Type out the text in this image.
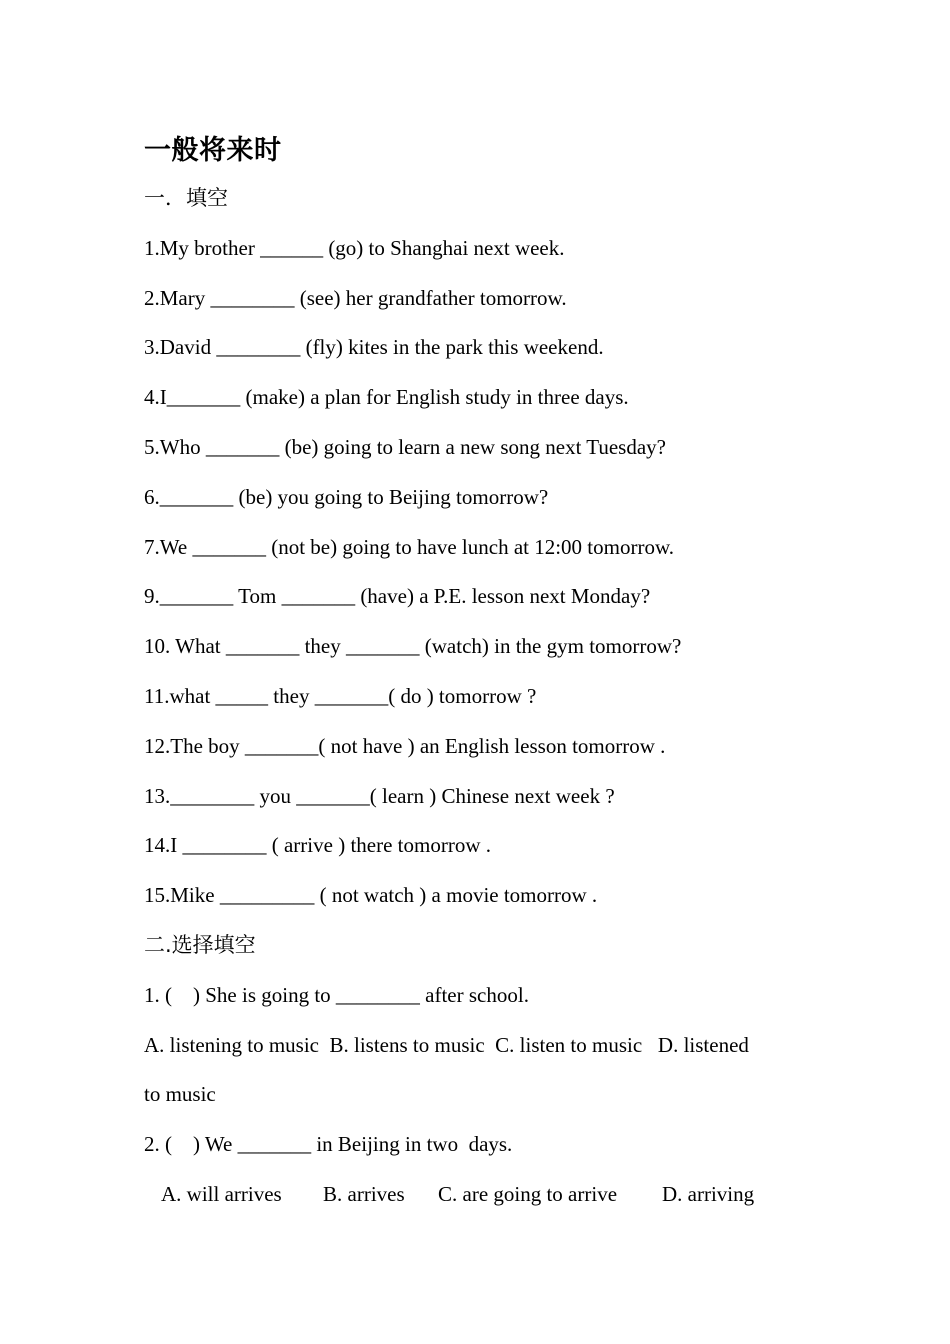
一般将来时
一．填空
1.My brother ______ (go) to Shanghai next week.
2.Mary ________ (see) her grandfather tomorrow.
3.David ________ (fly) kites in the park this weekend.
4.I_______ (make) a plan for English study in three days.
5.Who _______ (be) going to learn a new song next Tuesday?
6._______ (be) you going to Beijing tomorrow?
7.We _______ (not be) going to have lunch at 12:00 tomorrow.
9._______ Tom _______ (have) a P.E. lesson next Monday?
10. What _______ they _______ (watch) in the gym tomorrow?
11.what _____ they _______( do ) tomorrow ?
12.The boy _______( not have ) an English lesson tomorrow .
13.________ you _______( learn ) Chinese next week ?
14.I ________ ( arrive ) there tomorrow .
15.Mike _________ ( not watch ) a movie tomorrow .
二.选择填空
1. (    ) She is going to ________ after school.
A. listening to music  B. listens to music  C. listen to music   D. listened
to music
2. (    ) We _______ in Beijing in two  days.
A. will arrives B. arrives C. are going to arrive D. arriving
